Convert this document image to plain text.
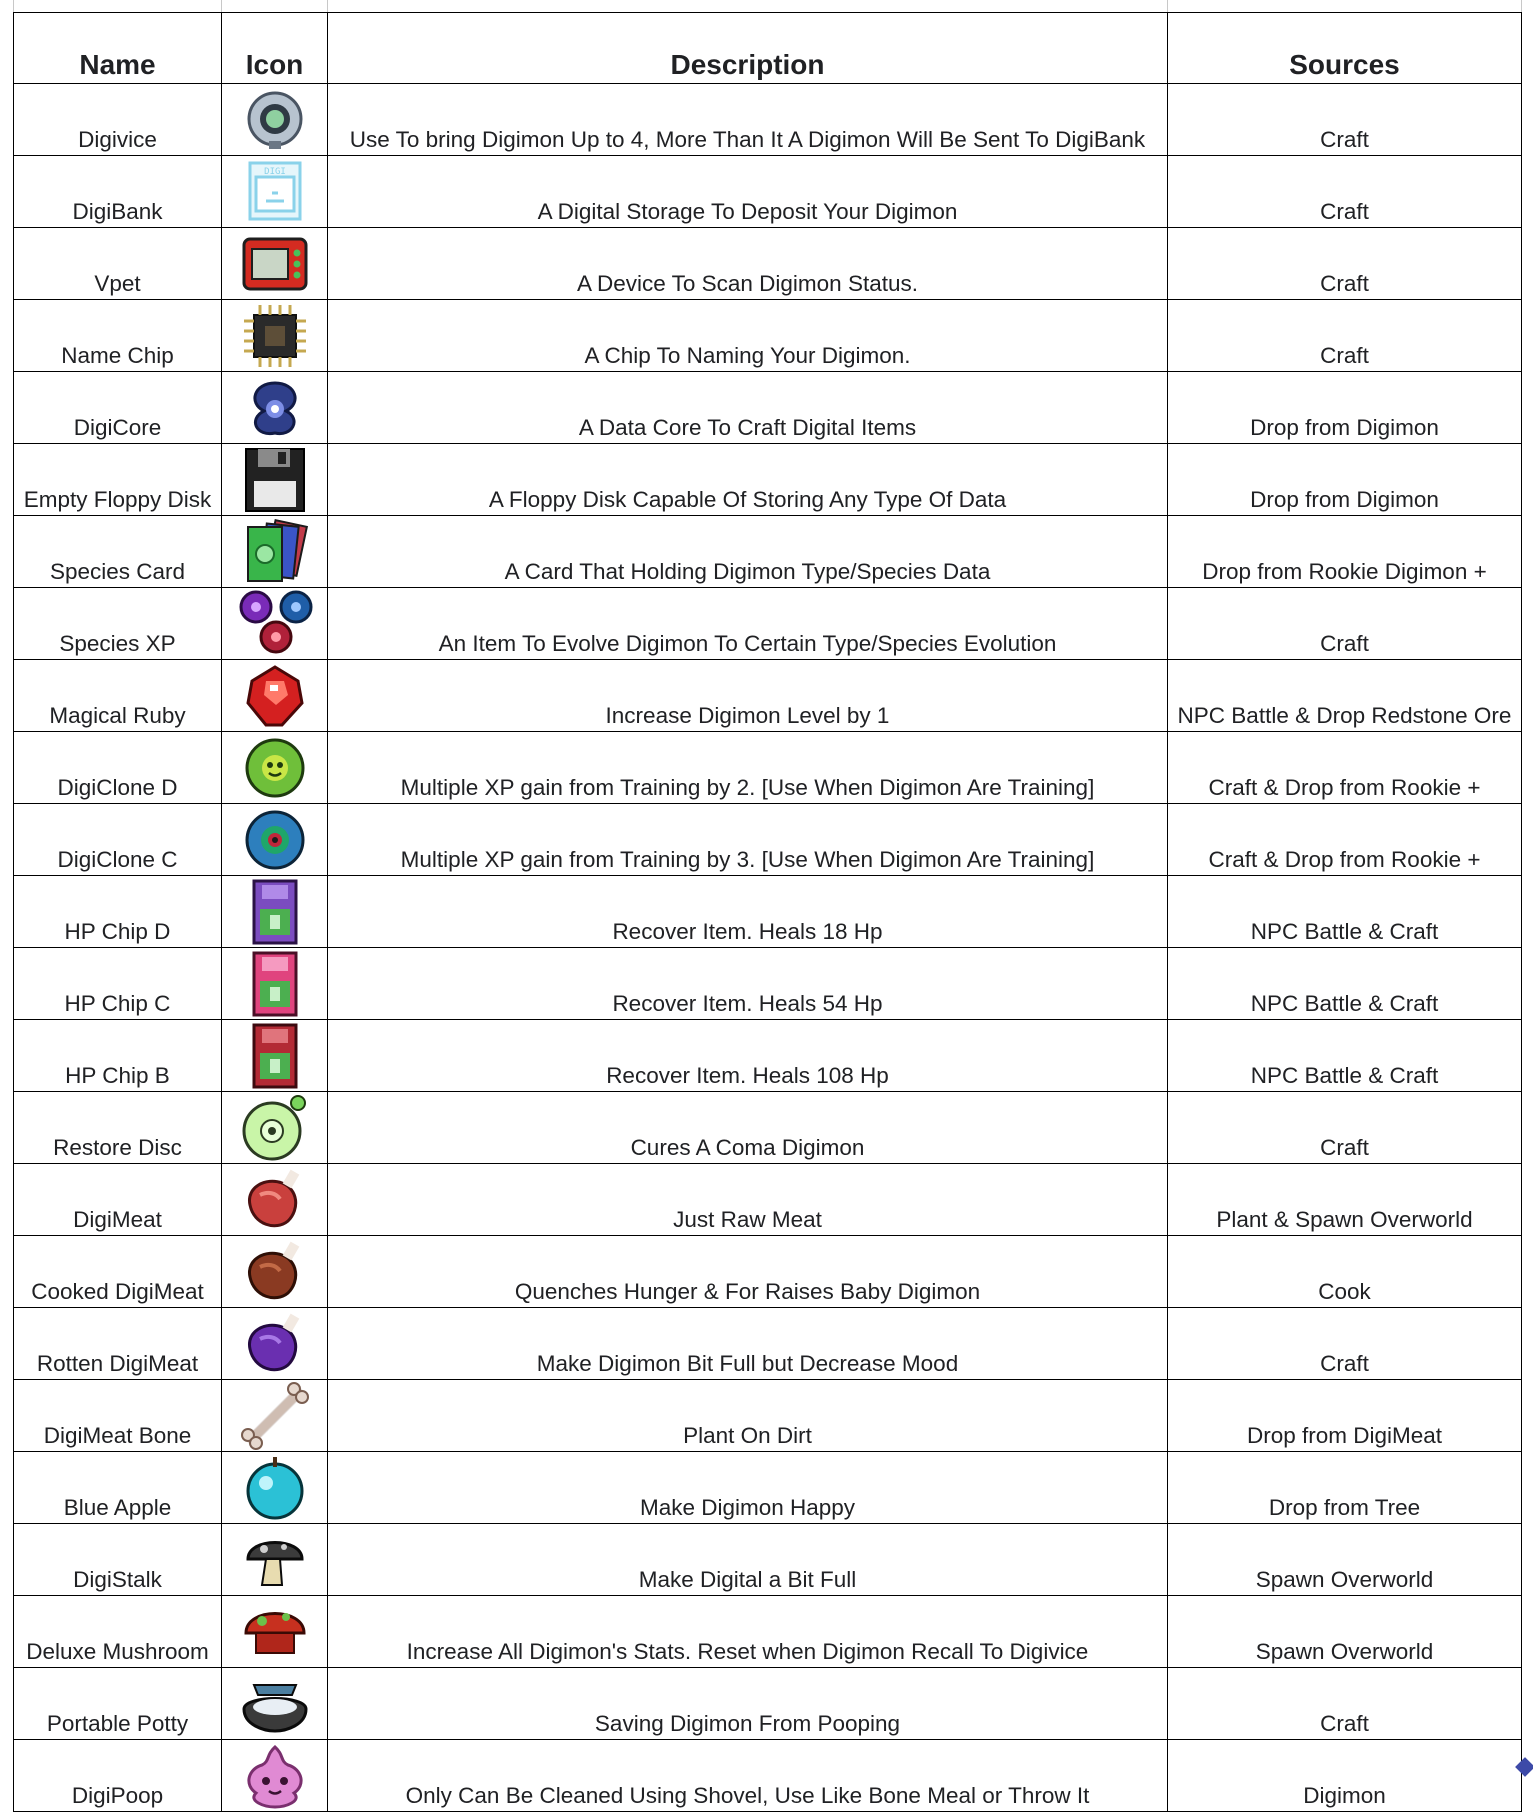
Name	Icon	Description	Sources
Digivice		Use To bring Digimon Up to 4, More Than It A Digimon Will Be Sent To DigiBank	Craft
DigiBank	DIGI	A Digital Storage To Deposit Your Digimon	Craft
Vpet		A Device To Scan Digimon Status.	Craft
Name Chip		A Chip To Naming Your Digimon.	Craft
DigiCore		A Data Core To Craft Digital Items	Drop from Digimon
Empty Floppy Disk		A Floppy Disk Capable Of Storing Any Type Of Data	Drop from Digimon
Species Card		A Card That Holding Digimon Type/Species Data	Drop from Rookie Digimon +
Species XP		An Item To Evolve Digimon To Certain Type/Species Evolution	Craft
Magical Ruby		Increase Digimon Level by 1	NPC Battle & Drop Redstone Ore
DigiClone D		Multiple XP gain from Training by 2. [Use When Digimon Are Training]	Craft & Drop from Rookie +
DigiClone C		Multiple XP gain from Training by 3. [Use When Digimon Are Training]	Craft & Drop from Rookie +
HP Chip D		Recover Item. Heals 18 Hp	NPC Battle & Craft
HP Chip C		Recover Item. Heals 54 Hp	NPC Battle & Craft
HP Chip B		Recover Item. Heals 108 Hp	NPC Battle & Craft
Restore Disc		Cures A Coma Digimon	Craft
DigiMeat		Just Raw Meat	Plant & Spawn Overworld
Cooked DigiMeat		Quenches Hunger & For Raises Baby Digimon	Cook
Rotten DigiMeat		Make Digimon Bit Full but Decrease Mood	Craft
DigiMeat Bone		Plant On Dirt	Drop from DigiMeat
Blue Apple		Make Digimon Happy	Drop from Tree
DigiStalk		Make Digital a Bit Full	Spawn Overworld
Deluxe Mushroom		Increase All Digimon's Stats. Reset when Digimon Recall To Digivice	Spawn Overworld
Portable Potty		Saving Digimon From Pooping	Craft
DigiPoop		Only Can Be Cleaned Using Shovel, Use Like Bone Meal or Throw It	Digimon
